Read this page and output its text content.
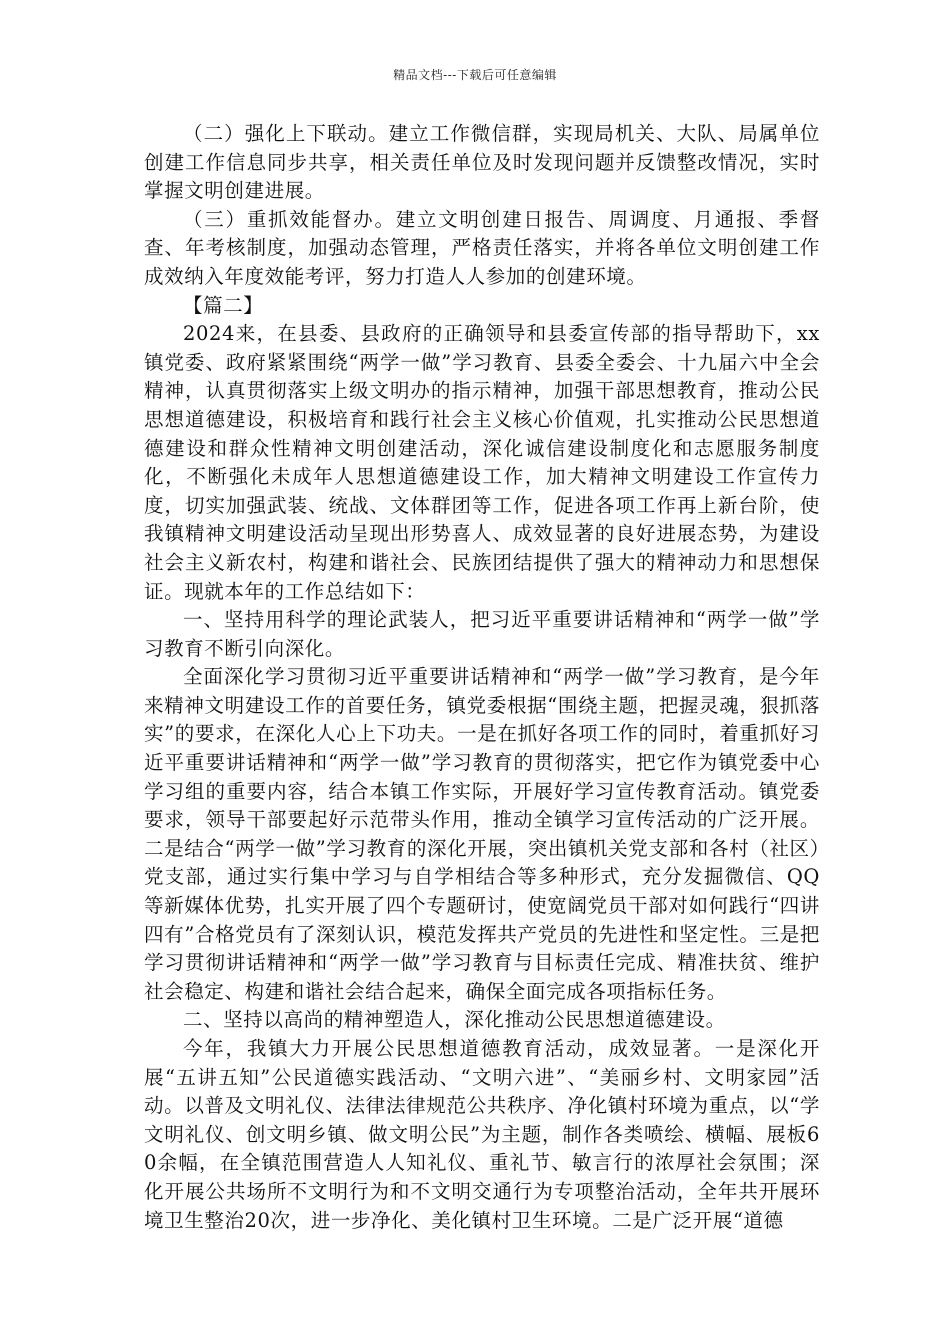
精品文档---下载后可任意编辑

（二）强化上下联动。建立工作微信群，实现局机关、大队、局属单位创建工作信息同步共享，相关责任单位及时发现问题并反馈整改情况，实时掌握文明创建进展。

（三）重抓效能督办。建立文明创建日报告、周调度、月通报、季督查、年考核制度，加强动态管理，严格责任落实，并将各单位文明创建工作成效纳入年度效能考评，努力打造人人参加的创建环境。

【篇二】

2024来，在县委、县政府的正确领导和县委宣传部的指导帮助下，xx镇党委、政府紧紧围绕“两学一做”学习教育、县委全委会、十九届六中全会精神，认真贯彻落实上级文明办的指示精神，加强干部思想教育，推动公民思想道德建设，积极培育和践行社会主义核心价值观，扎实推动公民思想道德建设和群众性精神文明创建活动，深化诚信建设制度化和志愿服务制度化，不断强化未成年人思想道德建设工作，加大精神文明建设工作宣传力度，切实加强武装、统战、文体群团等工作，促进各项工作再上新台阶，使我镇精神文明建设活动呈现出形势喜人、成效显著的良好进展态势，为建设社会主义新农村，构建和谐社会、民族团结提供了强大的精神动力和思想保证。现就本年的工作总结如下：

一、坚持用科学的理论武装人，把习近平重要讲话精神和“两学一做”学习教育不断引向深化。

全面深化学习贯彻习近平重要讲话精神和“两学一做”学习教育，是今年来精神文明建设工作的首要任务，镇党委根据“围绕主题，把握灵魂，狠抓落实”的要求，在深化人心上下功夫。一是在抓好各项工作的同时，着重抓好习近平重要讲话精神和“两学一做”学习教育的贯彻落实，把它作为镇党委中心学习组的重要内容，结合本镇工作实际，开展好学习宣传教育活动。镇党委要求，领导干部要起好示范带头作用，推动全镇学习宣传活动的广泛开展。二是结合“两学一做”学习教育的深化开展，突出镇机关党支部和各村（社区）党支部，通过实行集中学习与自学相结合等多种形式，充分发掘微信、QQ等新媒体优势，扎实开展了四个专题研讨，使宽阔党员干部对如何践行“四讲四有”合格党员有了深刻认识，模范发挥共产党员的先进性和坚定性。三是把学习贯彻讲话精神和“两学一做”学习教育与目标责任完成、精准扶贫、维护社会稳定、构建和谐社会结合起来，确保全面完成各项指标任务。

二、坚持以高尚的精神塑造人，深化推动公民思想道德建设。

今年，我镇大力开展公民思想道德教育活动，成效显著。一是深化开展“五讲五知”公民道德实践活动、“文明六进”、“美丽乡村、文明家园”活动。以普及文明礼仪、法律法律规范公共秩序、净化镇村环境为重点，以“学文明礼仪、创文明乡镇、做文明公民”为主题，制作各类喷绘、横幅、展板60余幅，在全镇范围营造人人知礼仪、重礼节、敏言行的浓厚社会氛围；深化开展公共场所不文明行为和不文明交通行为专项整治活动，全年共开展环境卫生整治20次，进一步净化、美化镇村卫生环境。二是广泛开展“道德
